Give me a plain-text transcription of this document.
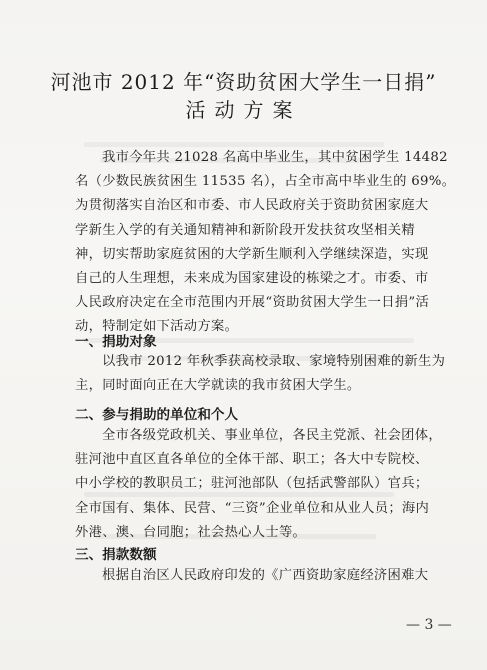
河池市 2012 年“资助贫困大学生一日捐”
活动方案
我市今年共 21028 名高中毕业生，其中贫困学生 14482
名（少数民族贫困生 11535 名），占全市高中毕业生的 69%。
为贯彻落实自治区和市委、市人民政府关于资助贫困家庭大
学新生入学的有关通知精神和新阶段开发扶贫攻坚相关精
神，切实帮助家庭贫困的大学新生顺利入学继续深造，实现
自己的人生理想，未来成为国家建设的栋梁之才。市委、市
人民政府决定在全市范围内开展“资助贫困大学生一日捐”活
动，特制定如下活动方案。
一、捐助对象
以我市 2012 年秋季获高校录取、家境特别困难的新生为
主，同时面向正在大学就读的我市贫困大学生。
二、参与捐助的单位和个人
全市各级党政机关、事业单位，各民主党派、社会团体，
驻河池中直区直各单位的全体干部、职工；各大中专院校、
中小学校的教职员工；驻河池部队（包括武警部队）官兵；
全市国有、集体、民营、“三资”企业单位和从业人员；海内
外港、澳、台同胞；社会热心人士等。
三、捐款数额
根据自治区人民政府印发的《广西资助家庭经济困难大
— 3 —
